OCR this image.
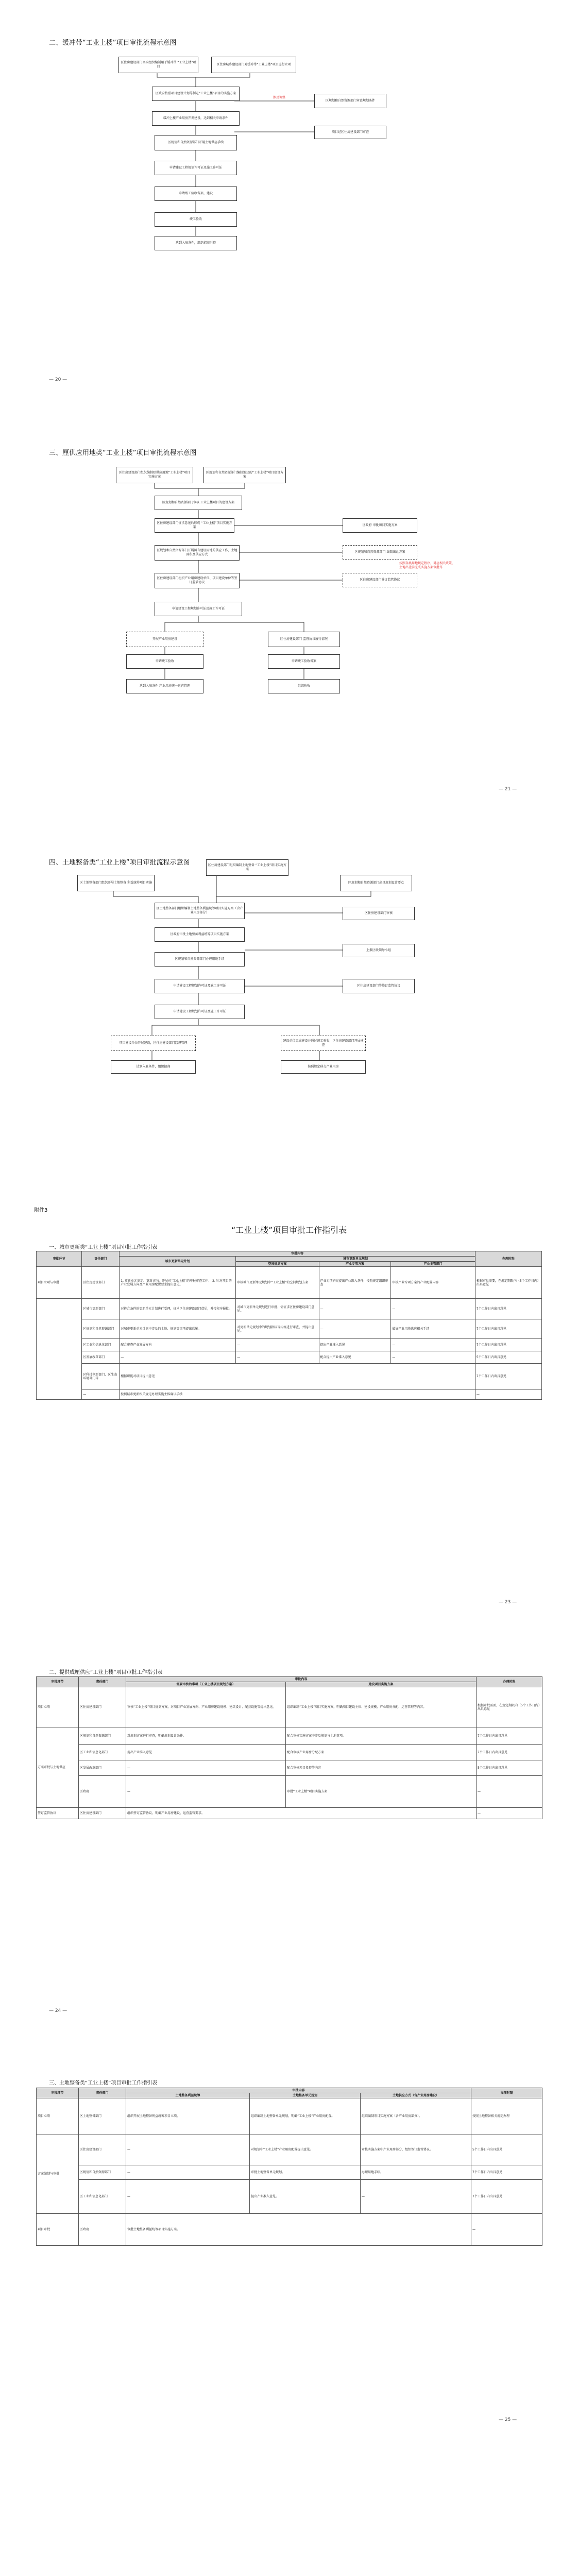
二、缓冲带“工业上楼”项目审批流程示意图
区住房建设部门牵头组织编制用于缓冲带 “工业上楼”项目
区住房城乡建设部门对缓冲带“工业上楼”项目进行立项
区政府按照项目建设计划等制定“工业上楼”项目的实施方案
涉及调整
区规划和自然资源部门审查规划条件
缓冲上楼产业用房开发建设，达到相关申请条件
项目经区住房建设部门审查
区规划和自然资源部门开展土地供应手续
申请建设工程规划许可证及施工许可证
申请竣工验收备案，建设
竣工验收
达到入驻条件，组织招商引资
— 20 —
三、厘供应用地类“工业上楼”项目审批流程示意图
区住房建设部门组织编制厘供应用地“工业上楼”项目实施方案
区规划和自然资源部门编制地块的“工业上楼”项目建设方案
区规划和自然资源部门审核 工业上楼项目的建设方案
区住房建设部门征求意见后形成 “工业上楼”项目实施方案
区政府 审批项目实施方案
区规划和自然资源部门开展国有建设用地的供应工作，土地面积及供应方式
区规划和自然资源部门 编制出让方案
按照各类用地规定程序，对应相关政策，土地出让前完成实施方案审批等
区住房建设部门组织产业用房建设单位、项目建设单位等签订监管协议
区住房建设部门签订监管协议
申请建设工程规划许可证及施工许可证
开展产业用房建设	区住房建设部门 监督协议履行情况
申请竣工验收	申请竣工验收备案
达到入驻条件 产业用房统一运营管理	组织验收
— 21 —
四、土地整备类“工业上楼”项目审批流程示意图
区土地整备部门组织开展土地整备 利益统筹项目实施
区住房建设部门组织编制土地整备 “工业上楼”项目实施方案
区规划和自然资源部门出具规划设计要点
区土地整备部门组织编制土地整备利益统筹项目实施方案（含产业用房部分）	区住房建设部门审核
区政府审批土地整备利益统筹项目实施方案
上报区级领导小组
区规划和自然资源部门办理用地手续
区住房建设部门等签订监管协议
申请建设工程规划许可证及施工许可证
申请建设工程规划许可证及施工许可证
项目建设单位开展建设，区住房建设部门监督管理
建设单位完成建设并通过竣工验收，区住房建设部门开展核查
达到入驻条件，组织招商	按照规定移交产业用房
附件3
“工业上楼”项目审批工作指引表
一、城市更新类“工业上楼”项目审批工作指引表
审批环节	责任部门	审批内容				办理时限
		城市更新单元计划	城市更新单元规划			
			空间规划方案	产业专项方案	产业主管部门	
项目立项与审批	区住房建设部门	1. 更新单元划定、更新方向，开展对“工业上楼”的申报审查工作； 2. 针对项目的产业发展方向及产业用房配置要求提出意见。	审核城市更新单元规划中“工业上楼”的空间规划方案	产业专项研究提出产业准入条件，按照规定组织审查	审核产业专项方案的产业配置内容	根据审批需要，在规定期限内（5个工作日内）出具意见
	区城市更新部门	对符合条件的更新单元计划进行受理，征求区住房建设部门意见，并按程序报批。	对城市更新单元规划进行审批，需征求区住房建设部门意见。	—	—	7个工作日内出具意见
	区规划和自然资源部门	对城市更新单元计划中涉及的土地、规划等事项提出意见。	对更新单元规划中的规划指标等内容进行审查，并提出意见。	—	做好产业用地供应相关手续	7个工作日内出具意见
	区工业和信息化部门	配合审查产业发展方向	—	提出产业准入意见	—	7个工作日内出具意见
	区发展改革部门	—	—	配合提出产业准入意见	—	5个工作日内出具意见
	区科技创新部门、区生态环境部门等	根据职能对项目提出意见				7个工作日内出具意见
	—	按照城市更新相关规定办理实施主体确认手续				—
— 23 —
二、提供成厘供应“工业上楼”项目审批工作指引表
审批环节	责任部门	审批内容		办理时限
		需要审核的事项（工业上楼项目规划方案）	建设项目实施方案	
项目立项	区住房建设部门	审核“工业上楼”项目规划方案，对项目产业发展方向、产业用房建设规模、建筑设计、配套设施等提出意见。	组织编制“工业上楼”项目实施方案，明确项目建设主体、建设规模、产业用房分配、运营管理等内容。	根据审批需要，在规定期限内（5个工作日内）出具意见
方案审批与土地供应	区规划和自然资源部门	对规划方案进行审查，明确规划设计条件。	配合审核实施方案中涉及规划与土地事项。	7个工作日内出具意见
	区工业和信息化部门	提出产业准入意见	配合审核产业用房分配方案	7个工作日内出具意见
	区发展改革部门	—	配合审核项目投资等内容	5个工作日内出具意见
	区政府	—	审批“工业上楼”项目实施方案	—
签订监管协议	区住房建设部门	组织签订监管协议，明确产业用房建设、运营监管要求。		—
— 24 —
三、土地整备类“工业上楼”项目审批工作指引表
审批环节	责任部门	审批内容			办理时限
		土地整备利益统筹	土地整备单元规划	土地供应方式（含产业用房建设）	
项目立项	区土地整备部门	组织开展土地整备利益统筹项目立项。	组织编制土地整备单元规划，明确“工业上楼”产业用房配置。	组织编制项目实施方案（含产业用房部分）。	按照土地整备相关规定办理
方案编制与审批	区住房建设部门	—	对规划中“工业上楼”产业用房配置提出意见。	审核实施方案中产业用房部分，组织签订监管协议。	5个工作日内出具意见
	区规划和自然资源部门	—	审批土地整备单元规划。	办理用地手续。	7个工作日内出具意见
	区工业和信息化部门	—	提出产业准入意见。	—	7个工作日内出具意见
项目审批	区政府	审批土地整备利益统筹项目实施方案。			—
— 25 —
